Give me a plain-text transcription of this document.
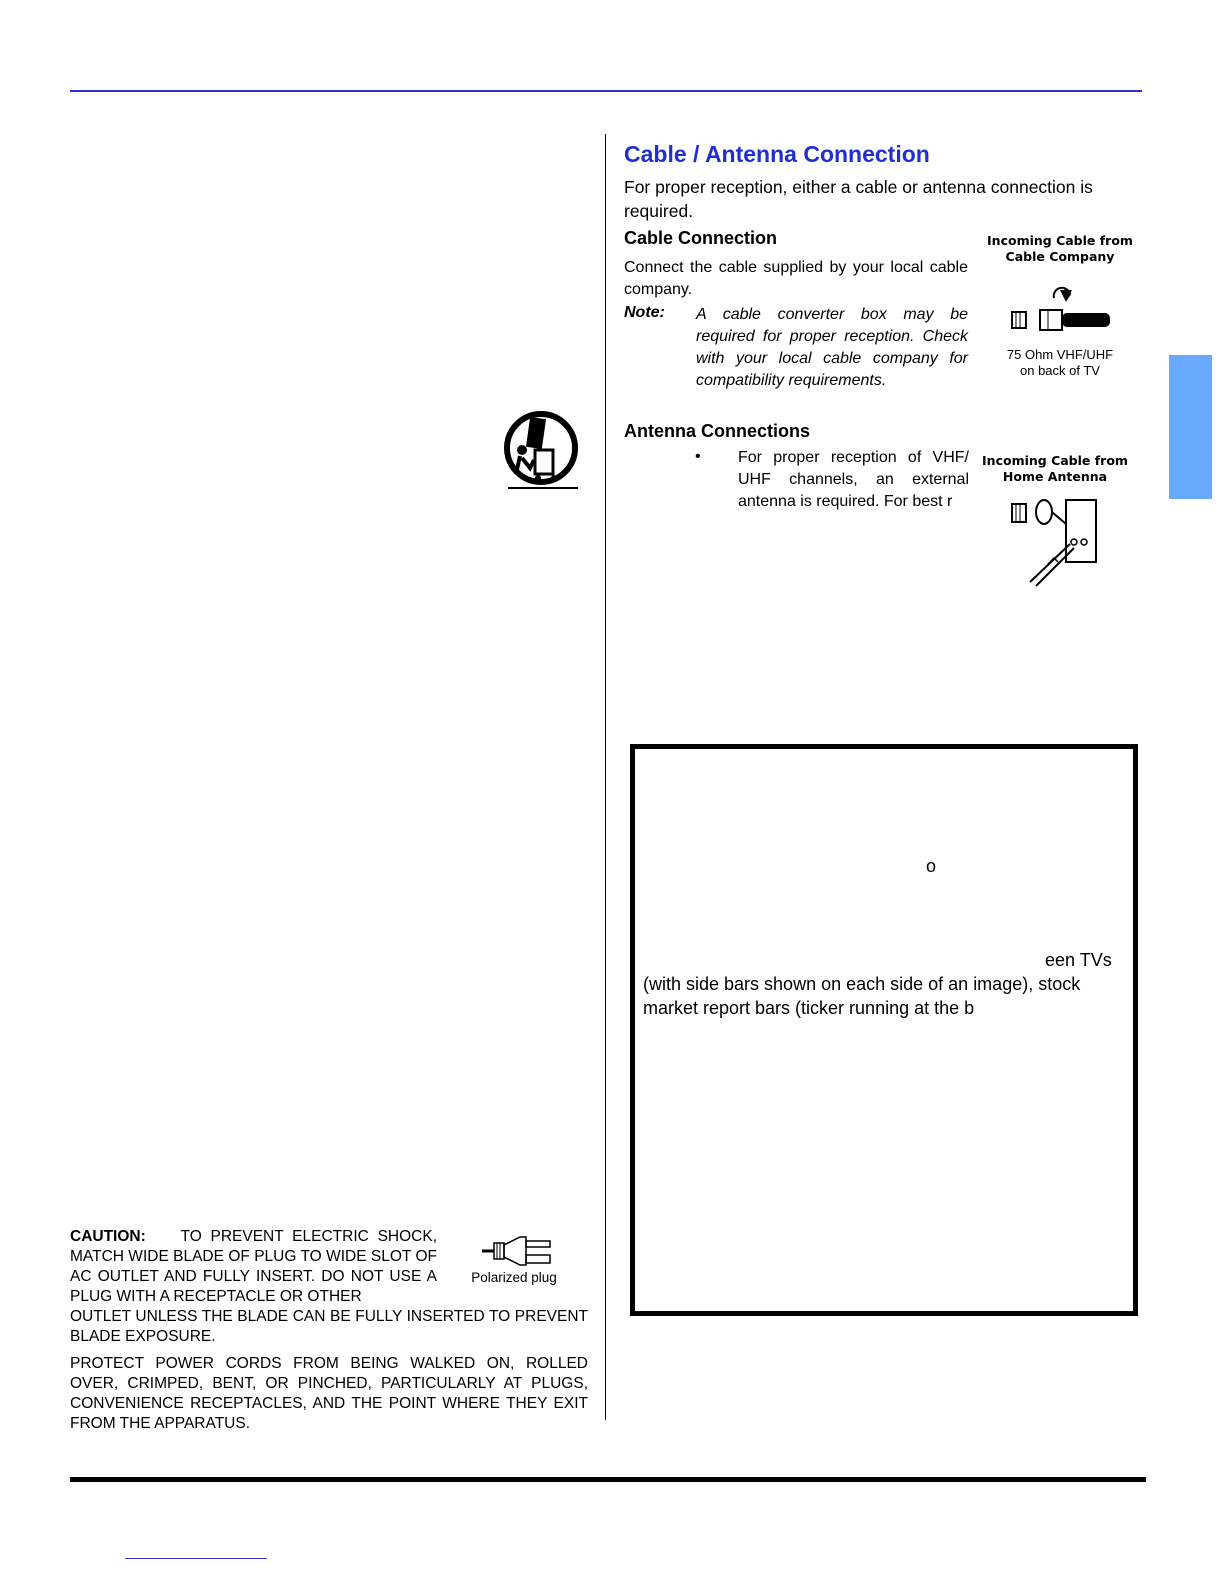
Cable / Antenna Connection
For proper reception, either a cable or antenna connection is required.
Cable Connection
Connect the cable supplied by your local cable company.
Note: A cable converter box may be required for proper reception. Check with your local cable company for compatibility requirements.
Incoming Cable from
Cable Company
75 Ohm VHF/UHF
on back of TV
Antenna Connections
• For proper reception of VHF/ UHF channels, an external antenna is required. For best r
Incoming Cable from
Home Antenna
o
een TVs
(with side bars shown on each side of an image), stock
market report bars (ticker running at the b
CAUTION: TO PREVENT ELECTRIC SHOCK, MATCH WIDE BLADE OF PLUG TO WIDE SLOT OF AC OUTLET AND FULLY INSERT. DO NOT USE A PLUG WITH A RECEPTACLE OR OTHER
OUTLET UNLESS THE BLADE CAN BE FULLY INSERTED TO PREVENT BLADE EXPOSURE.
Polarized plug
PROTECT POWER CORDS FROM BEING WALKED ON, ROLLED OVER, CRIMPED, BENT, OR PINCHED, PARTICULARLY AT PLUGS, CONVENIENCE RECEPTACLES, AND THE POINT WHERE THEY EXIT FROM THE APPARATUS.
